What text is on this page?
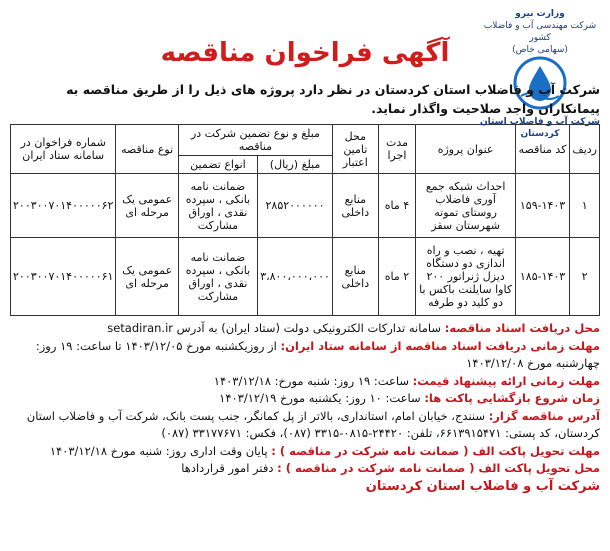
وزارت نیرو
شرکت مهندسی آب و فاضلاب کشور
(سهامی خاص)
شرکت آب و فاضلاب استان کردستان
آگهی فراخوان مناقصه
شرکت آب و فاضلاب استان کردستان در نظر دارد پروژه های ذیل را از طریق مناقصه به پیمانکاران واجد صلاحیت واگذار نماید.
ردیف	کد مناقصه	عنوان پروژه	مدت اجرا	محل تامین اعتبار	مبلغ و نوع تضمین شرکت در مناقصه		نوع مناقصه	شماره فراخوان در سامانه ستاد ایران
					مبلغ (ریال)	انواع تضمین		
۱	۱۵۹-۱۴۰۳	احداث شبکه جمع آوری فاضلاب روستای تموته شهرستان سقز	۴ ماه	منابع داخلی	۲۸۵۲۰۰۰۰۰۰	ضمانت نامه بانکی ، سپرده نقدی ، اوراق مشارکت	عمومی یک مرحله ای	۲۰۰۳۰۰۷۰۱۴۰۰۰۰۰۶۲
۲	۱۸۵-۱۴۰۳	تهیه ، نصب و راه اندازی دو دستگاه دیزل ژنراتور ۲۰۰ کاوا سایلنت باکس با دو کلید دو طرفه	۲ ماه	منابع داخلی	۳،۸۰۰،۰۰۰،۰۰۰	ضمانت نامه بانکی ، سپرده نقدی ، اوراق مشارکت	عمومی یک مرحله ای	۲۰۰۳۰۰۷۰۱۴۰۰۰۰۰۶۱

محل دریافت اسناد مناقصه: سامانه تدارکات الکترونیکی دولت (ستاد ایران) به آدرس setadiran.ir

مهلت زمانی دریافت اسناد مناقصه از سامانه ستاد ایران: از روزیکشنبه مورخ ۱۴۰۳/۱۲/۰۵ تا ساعت: ۱۹ روز: چهارشنبه مورخ ۱۴۰۳/۱۲/۰۸

مهلت زمانی ارائه پیشنهاد قیمت: ساعت: ۱۹ روز: شنبه مورخ: ۱۴۰۳/۱۲/۱۸

زمان شروع بازگشایی پاکت ها: ساعت: ۱۰ روز: یکشنبه مورخ ۱۴۰۳/۱۲/۱۹

آدرس مناقصه گزار: سنندج، خیابان امام، استانداری، بالاتر از پل کمانگر، جنب پست بانک، شرکت آب و فاضلاب استان کردستان، کد پستی: ۶۶۱۳۹۱۵۴۷۱، تلفن: ۲۴۴۲۰-۰۸۱۵-۳۳۱۵ (۰۸۷)، فکس: ۳۳۱۷۷۶۷۱ (۰۸۷)

مهلت تحویل پاکت الف ( ضمانت نامه شرکت در مناقصه ) : پایان وقت اداری روز: شنبه مورخ ۱۴۰۳/۱۲/۱۸

محل تحویل پاکت الف ( ضمانت نامه شرکت در مناقصه ) : دفتر امور قراردادها

شرکت آب و فاضلاب استان کردستان
